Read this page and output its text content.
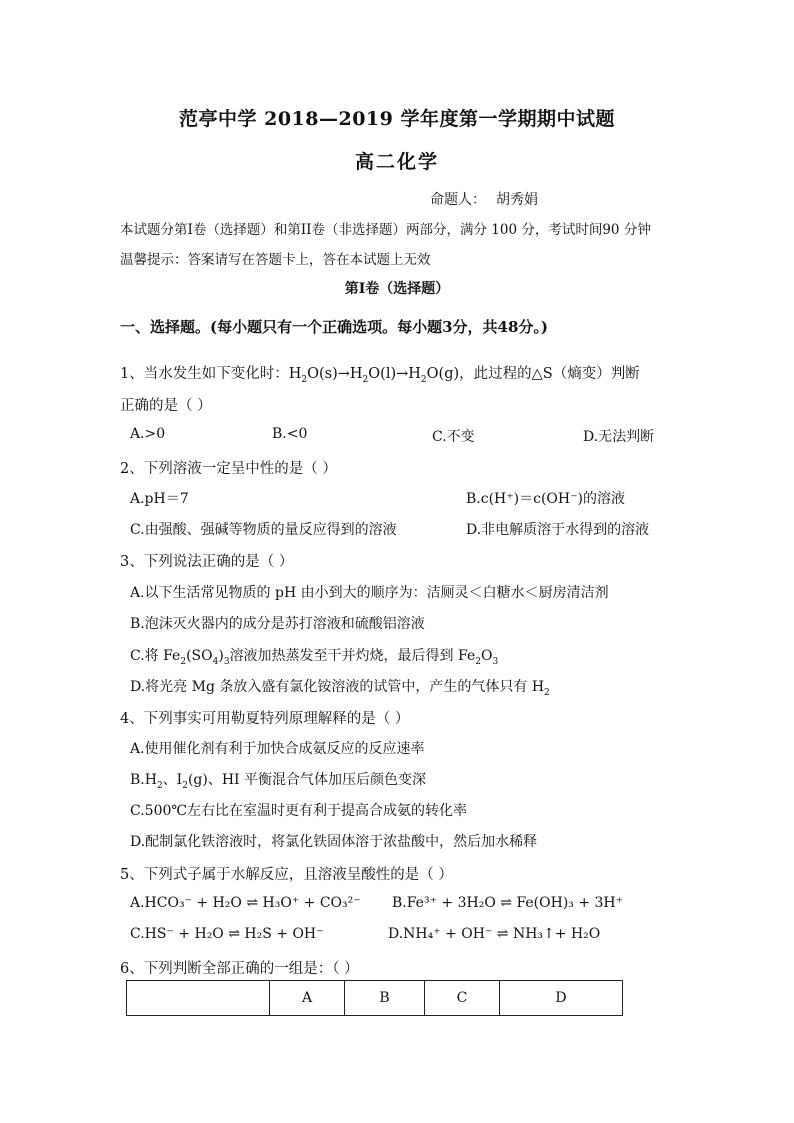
范亭中学 2018—2019 学年度第一学期期中试题
高二化学
命题人： 胡秀娟
本试题分第Ⅰ卷（选择题）和第II卷（非选择题）两部分，满分 100 分，考试时间90 分钟
温馨提示：答案请写在答题卡上，答在本试题上无效
第Ⅰ卷（选择题）
一、选择题。(每小题只有一个正确选项。每小题3分，共48分。)
1、当水发生如下变化时：$H_2O(s)\to H_2O(l)\to H_2O(g)$，此过程的△S（熵变）判断
正确的是（ ）
A.>0	B.<0	C.不变	D.无法判断
2、下列溶液一定呈中性的是（ ）
A.pH＝7	B.c(H⁺)＝c(OH⁻)的溶液
C.由强酸、强碱等物质的量反应得到的溶液	D.非电解质溶于水得到的溶液
3、下列说法正确的是（ ）
A.以下生活常见物质的 pH 由小到大的顺序为：洁厕灵＜白糖水＜厨房清洁剂
B.泡沫灭火器内的成分是苏打溶液和硫酸铝溶液
C.将 $Fe_2(SO_4)_3$溶液加热蒸发至干并灼烧，最后得到 $Fe_2O_3$
D.将光亮 Mg 条放入盛有氯化铵溶液的试管中，产生的气体只有 $H_2$
4、下列事实可用勒夏特列原理解释的是（ ）
A.使用催化剂有利于加快合成氨反应的反应速率
$B.H_2$、$I_2(g)$、HI 平衡混合气体加压后颜色变深
C.500℃左右比在室温时更有利于提高合成氨的转化率
D.配制氯化铁溶液时，将氯化铁固体溶于浓盐酸中，然后加水稀释
5、下列式子属于水解反应，且溶液呈酸性的是（ ）
A.HCO₃⁻ + H₂O ⇌ H₃O⁺ + CO₃²⁻ B.Fe³⁺ + 3H₂O ⇌ Fe(OH)₃ + 3H⁺
C.HS⁻ + H₂O ⇌ H₂S + OH⁻	D.NH₄⁺ + OH⁻ ⇌ NH₃↑+ H₂O
6、下列判断全部正确的一组是：（ ）
	A	B	C	D
